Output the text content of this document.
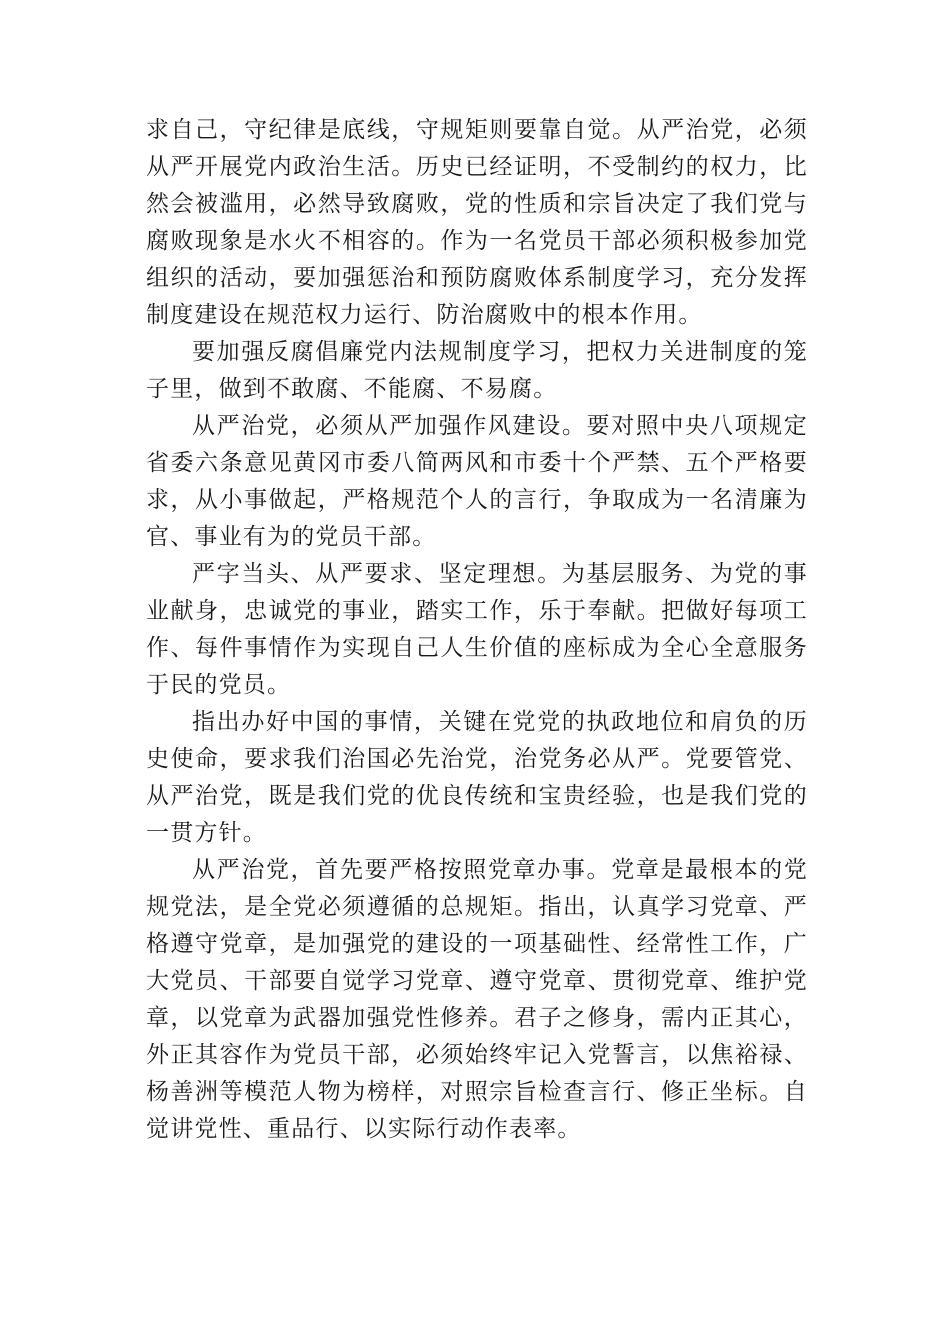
求自己，守纪律是底线，守规矩则要靠自觉。从严治党，必须从严开展党内政治生活。历史已经证明，不受制约的权力，比然会被滥用，必然导致腐败，党的性质和宗旨决定了我们党与腐败现象是水火不相容的。作为一名党员干部必须积极参加党组织的活动，要加强惩治和预防腐败体系制度学习，充分发挥制度建设在规范权力运行、防治腐败中的根本作用。

要加强反腐倡廉党内法规制度学习，把权力关进制度的笼子里，做到不敢腐、不能腐、不易腐。

从严治党，必须从严加强作风建设。要对照中央八项规定省委六条意见黄冈市委八简两风和市委十个严禁、五个严格要求，从小事做起，严格规范个人的言行，争取成为一名清廉为官、事业有为的党员干部。

严字当头、从严要求、坚定理想。为基层服务、为党的事业献身，忠诚党的事业，踏实工作，乐于奉献。把做好每项工作、每件事情作为实现自己人生价值的座标成为全心全意服务于民的党员。

指出办好中国的事情，关键在党党的执政地位和肩负的历史使命，要求我们治国必先治党，治党务必从严。党要管党、从严治党，既是我们党的优良传统和宝贵经验，也是我们党的一贯方针。

从严治党，首先要严格按照党章办事。党章是最根本的党规党法，是全党必须遵循的总规矩。指出，认真学习党章、严格遵守党章，是加强党的建设的一项基础性、经常性工作，广大党员、干部要自觉学习党章、遵守党章、贯彻党章、维护党章，以党章为武器加强党性修养。君子之修身，需内正其心，外正其容作为党员干部，必须始终牢记入党誓言，以焦裕禄、杨善洲等模范人物为榜样，对照宗旨检查言行、修正坐标。自觉讲党性、重品行、以实际行动作表率。
